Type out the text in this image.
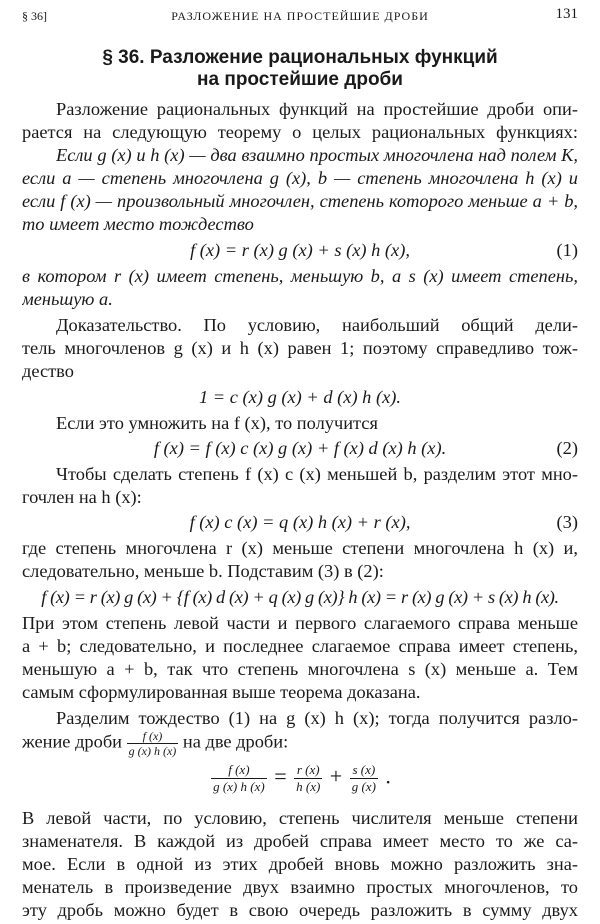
§ 36]	РАЗЛОЖЕНИЕ НА ПРОСТЕЙШИЕ ДРОБИ	131
§ 36. Разложение рациональных функций
на простейшие дроби
Разложение рациональных функций на простейшие дроби опи-
рается на следующую теорему о целых рациональных функциях:
Если g (x) и h (x) — два взаимно простых многочлена над полем К,
если a — степень многочлена g (x), b — степень многочлена h (x) и
если f (x) — произвольный многочлен, степень которого меньше a + b,
то имеет место тождество
f (x) = r (x) g (x) + s (x) h (x),	(1)
в котором r (x) имеет степень, меньшую b, а s (x) имеет степень,
меньшую a.
Доказательство. По условию, наибольший общий дели-
тель многочленов g (x) и h (x) равен 1; поэтому справедливо тож-
дество
1 = c (x) g (x) + d (x) h (x).
Если это умножить на f (x), то получится
f (x) = f (x) c (x) g (x) + f (x) d (x) h (x).	(2)
Чтобы сделать степень f (x) c (x) меньшей b, разделим этот мно-
гочлен на h (x):
f (x) c (x) = q (x) h (x) + r (x),	(3)
где степень многочлена r (x) меньше степени многочлена h (x) и,
следовательно, меньше b. Подставим (3) в (2):
f (x) = r (x) g (x) + {f (x) d (x) + q (x) g (x)} h (x) = r (x) g (x) + s (x) h (x).
При этом степень левой части и первого слагаемого справа меньше
a + b; следовательно, и последнее слагаемое справа имеет степень,
меньшую a + b, так что степень многочлена s (x) меньше a. Тем
самым сформулированная выше теорема доказана.
Разделим тождество (1) на g (x) h (x); тогда получится разло-
жение дроби $\frac{f (x)}{g (x) h (x)}$ на две дроби:
$\frac{f (x)}{g (x) h (x)} = \frac{r (x)}{h (x)} + \frac{s (x)}{g (x)}$ .
В левой части, по условию, степень числителя меньше степени
знаменателя. В каждой из дробей справа имеет место то же са-
мое. Если в одной из этих дробей вновь можно разложить зна-
менатель в произведение двух взаимно простых многочленов, то
эту дробь можно будет в свою очередь разложить в сумму двух
